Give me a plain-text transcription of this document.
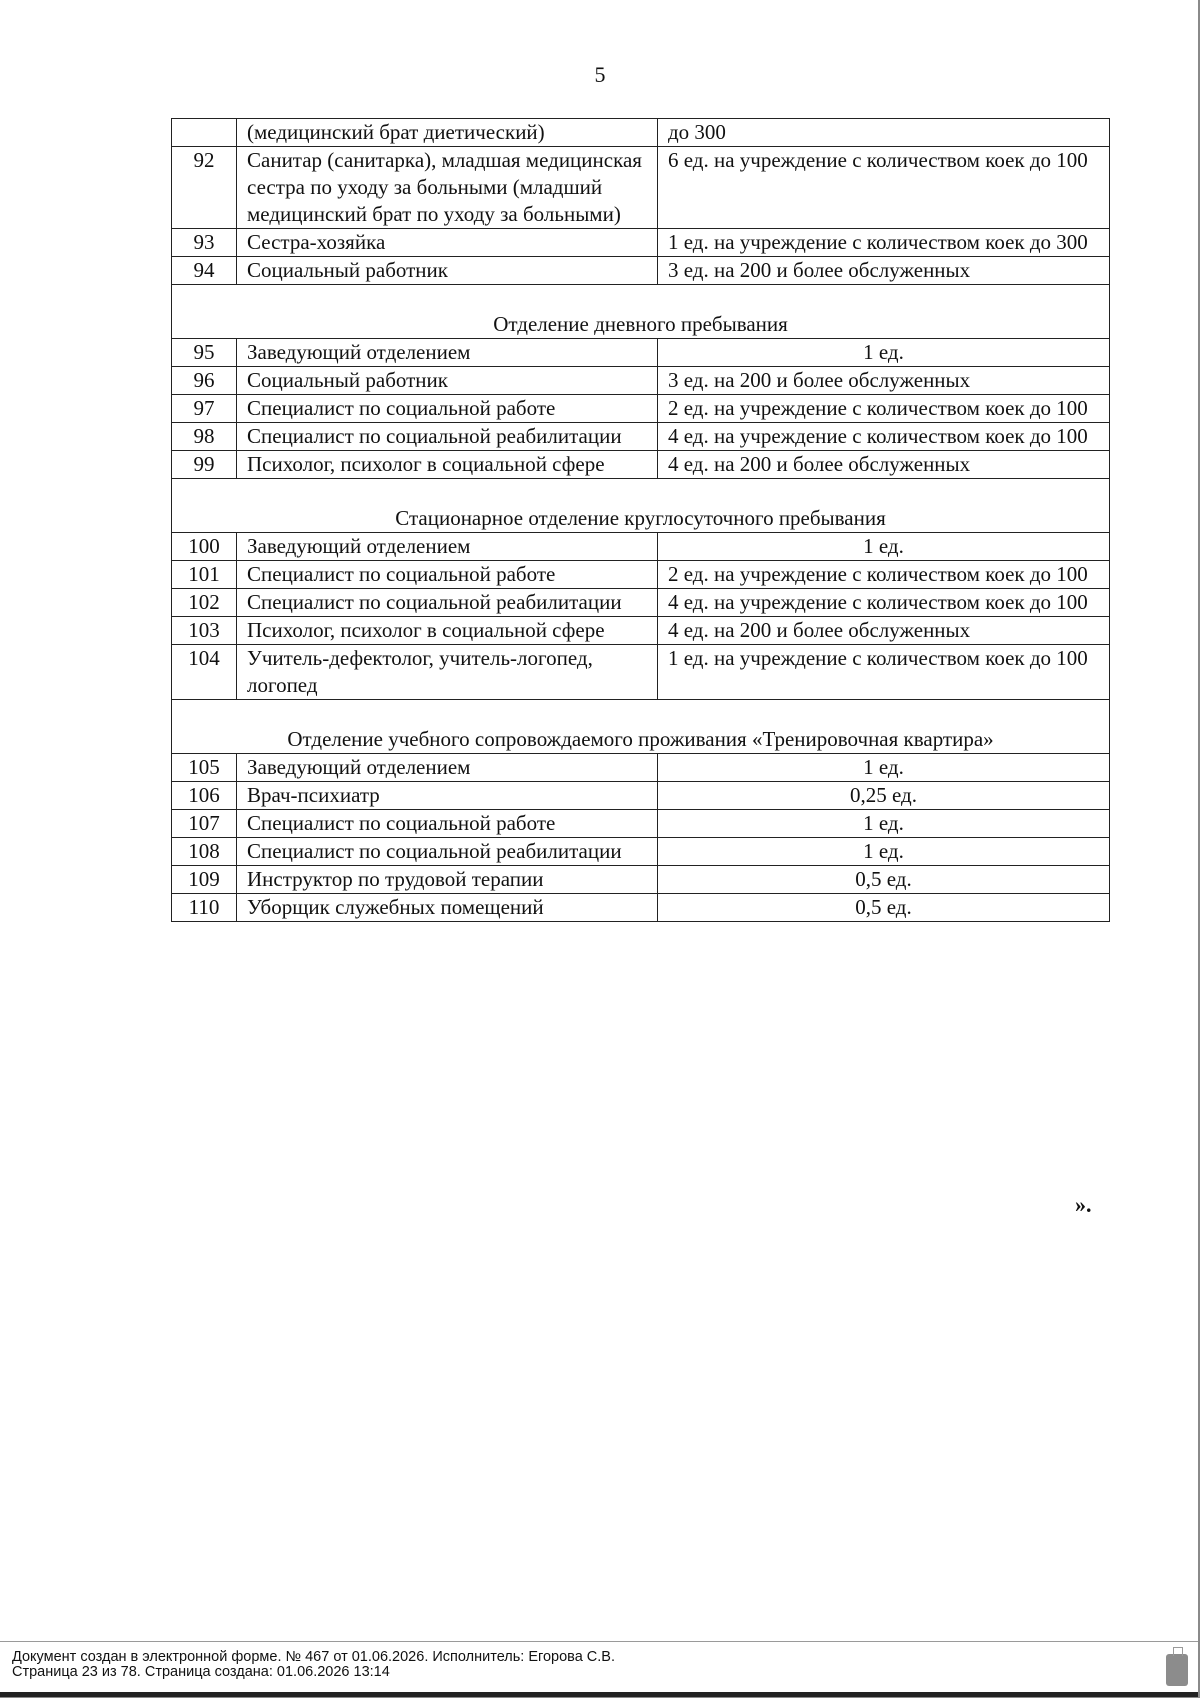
5
	(медицинский брат диетический)	до 300
92	Санитар (санитарка), младшая медицинская сестра по уходу за больными (младший медицинский брат по уходу за больными)	6 ед. на учреждение с количеством коек до 100
93	Сестра-хозяйка	1 ед. на учреждение с количеством коек до 300
94	Социальный работник	3 ед. на 200 и более обслуженных
Отделение дневного пребывания		
95	Заведующий отделением	1 ед.
96	Социальный работник	3 ед. на 200 и более обслуженных
97	Специалист по социальной работе	2 ед. на учреждение с количеством коек до 100
98	Специалист по социальной реабилитации	4 ед. на учреждение с количеством коек до 100
99	Психолог, психолог в социальной сфере	4 ед. на 200 и более обслуженных
Стационарное отделение круглосуточного пребывания		
100	Заведующий отделением	1 ед.
101	Специалист по социальной работе	2 ед. на учреждение с количеством коек до 100
102	Специалист по социальной реабилитации	4 ед. на учреждение с количеством коек до 100
103	Психолог, психолог в социальной сфере	4 ед. на 200 и более обслуженных
104	Учитель-дефектолог, учитель-логопед, логопед	1 ед. на учреждение с количеством коек до 100
Отделение учебного сопровождаемого проживания «Тренировочная квартира»		
105	Заведующий отделением	1 ед.
106	Врач-психиатр	0,25 ед.
107	Специалист по социальной работе	1 ед.
108	Специалист по социальной реабилитации	1 ед.
109	Инструктор по трудовой терапии	0,5 ед.
110	Уборщик служебных помещений	0,5 ед.
».
Документ создан в электронной форме. № 467 от 01.06.2026. Исполнитель: Егорова С.В.
Страница 23 из 78. Страница создана: 01.06.2026 13:14
